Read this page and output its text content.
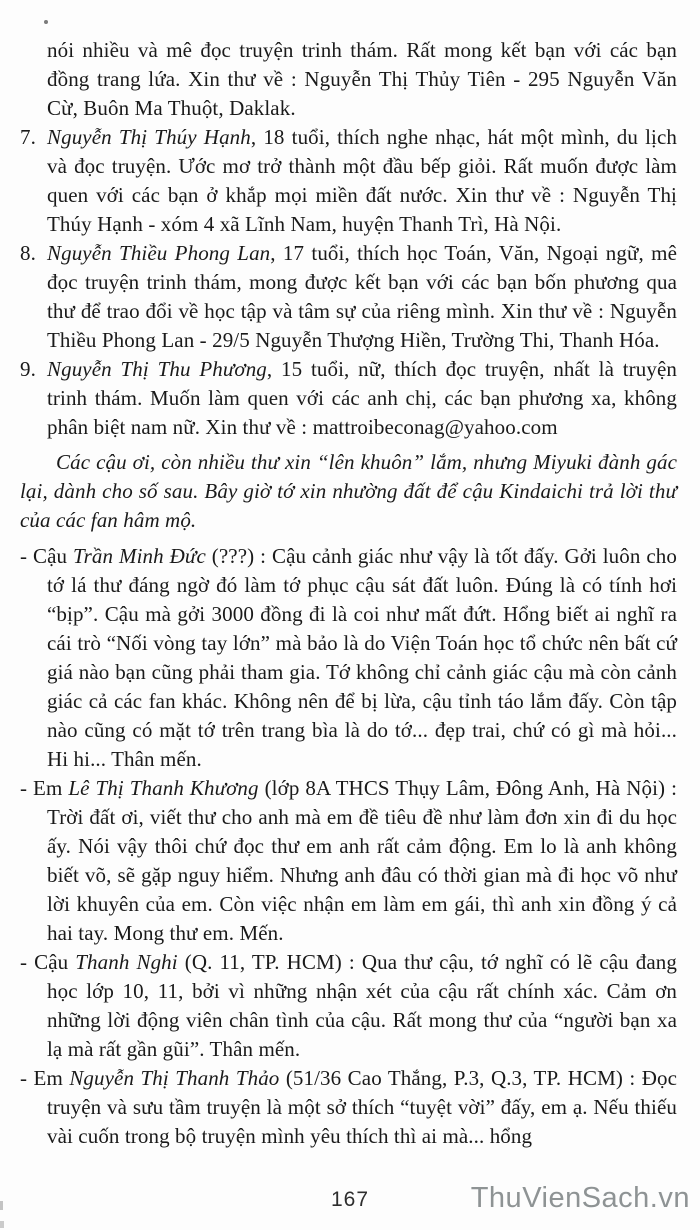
nói nhiều và mê đọc truyện trinh thám. Rất mong kết bạn với các bạn đồng trang lứa. Xin thư về : Nguyễn Thị Thủy Tiên - 295 Nguyễn Văn Cừ, Buôn Ma Thuột, Daklak.

7. Nguyễn Thị Thúy Hạnh, 18 tuổi, thích nghe nhạc, hát một mình, du lịch và đọc truyện. Ước mơ trở thành một đầu bếp giỏi. Rất muốn được làm quen với các bạn ở khắp mọi miền đất nước. Xin thư về : Nguyễn Thị Thúy Hạnh - xóm 4 xã Lĩnh Nam, huyện Thanh Trì, Hà Nội.

8. Nguyễn Thiều Phong Lan, 17 tuổi, thích học Toán, Văn, Ngoại ngữ, mê đọc truyện trinh thám, mong được kết bạn với các bạn bốn phương qua thư để trao đổi về học tập và tâm sự của riêng mình. Xin thư về : Nguyễn Thiều Phong Lan - 29/5 Nguyễn Thượng Hiền, Trường Thi, Thanh Hóa.

9. Nguyễn Thị Thu Phương, 15 tuổi, nữ, thích đọc truyện, nhất là truyện trinh thám. Muốn làm quen với các anh chị, các bạn phương xa, không phân biệt nam nữ. Xin thư về : mattroibeconag@yahoo.com

Các cậu ơi, còn nhiều thư xin “lên khuôn” lắm, nhưng Miyuki đành gác lại, dành cho số sau. Bây giờ tớ xin nhường đất để cậu Kindaichi trả lời thư của các fan hâm mộ.

- Cậu Trần Minh Đức (???) : Cậu cảnh giác như vậy là tốt đấy. Gởi luôn cho tớ lá thư đáng ngờ đó làm tớ phục cậu sát đất luôn. Đúng là có tính hơi “bịp”. Cậu mà gởi 3000 đồng đi là coi như mất đứt. Hổng biết ai nghĩ ra cái trò “Nối vòng tay lớn” mà bảo là do Viện Toán học tổ chức nên bất cứ giá nào bạn cũng phải tham gia. Tớ không chỉ cảnh giác cậu mà còn cảnh giác cả các fan khác. Không nên để bị lừa, cậu tỉnh táo lắm đấy. Còn tập nào cũng có mặt tớ trên trang bìa là do tớ... đẹp trai, chứ có gì mà hỏi... Hi hi... Thân mến.

- Em Lê Thị Thanh Khương (lớp 8A THCS Thụy Lâm, Đông Anh, Hà Nội) : Trời đất ơi, viết thư cho anh mà em đề tiêu đề như làm đơn xin đi du học ấy. Nói vậy thôi chứ đọc thư em anh rất cảm động. Em lo là anh không biết võ, sẽ gặp nguy hiểm. Nhưng anh đâu có thời gian mà đi học võ như lời khuyên của em. Còn việc nhận em làm em gái, thì anh xin đồng ý cả hai tay. Mong thư em. Mến.

- Cậu Thanh Nghi (Q. 11, TP. HCM) : Qua thư cậu, tớ nghĩ có lẽ cậu đang học lớp 10, 11, bởi vì những nhận xét của cậu rất chính xác. Cảm ơn những lời động viên chân tình của cậu. Rất mong thư của “người bạn xa lạ mà rất gần gũi”. Thân mến.

- Em Nguyễn Thị Thanh Thảo (51/36 Cao Thắng, P.3, Q.3, TP. HCM) : Đọc truyện và sưu tầm truyện là một sở thích “tuyệt vời” đấy, em ạ. Nếu thiếu vài cuốn trong bộ truyện mình yêu thích thì ai mà... hổng

167	ThuVienSach.vn
